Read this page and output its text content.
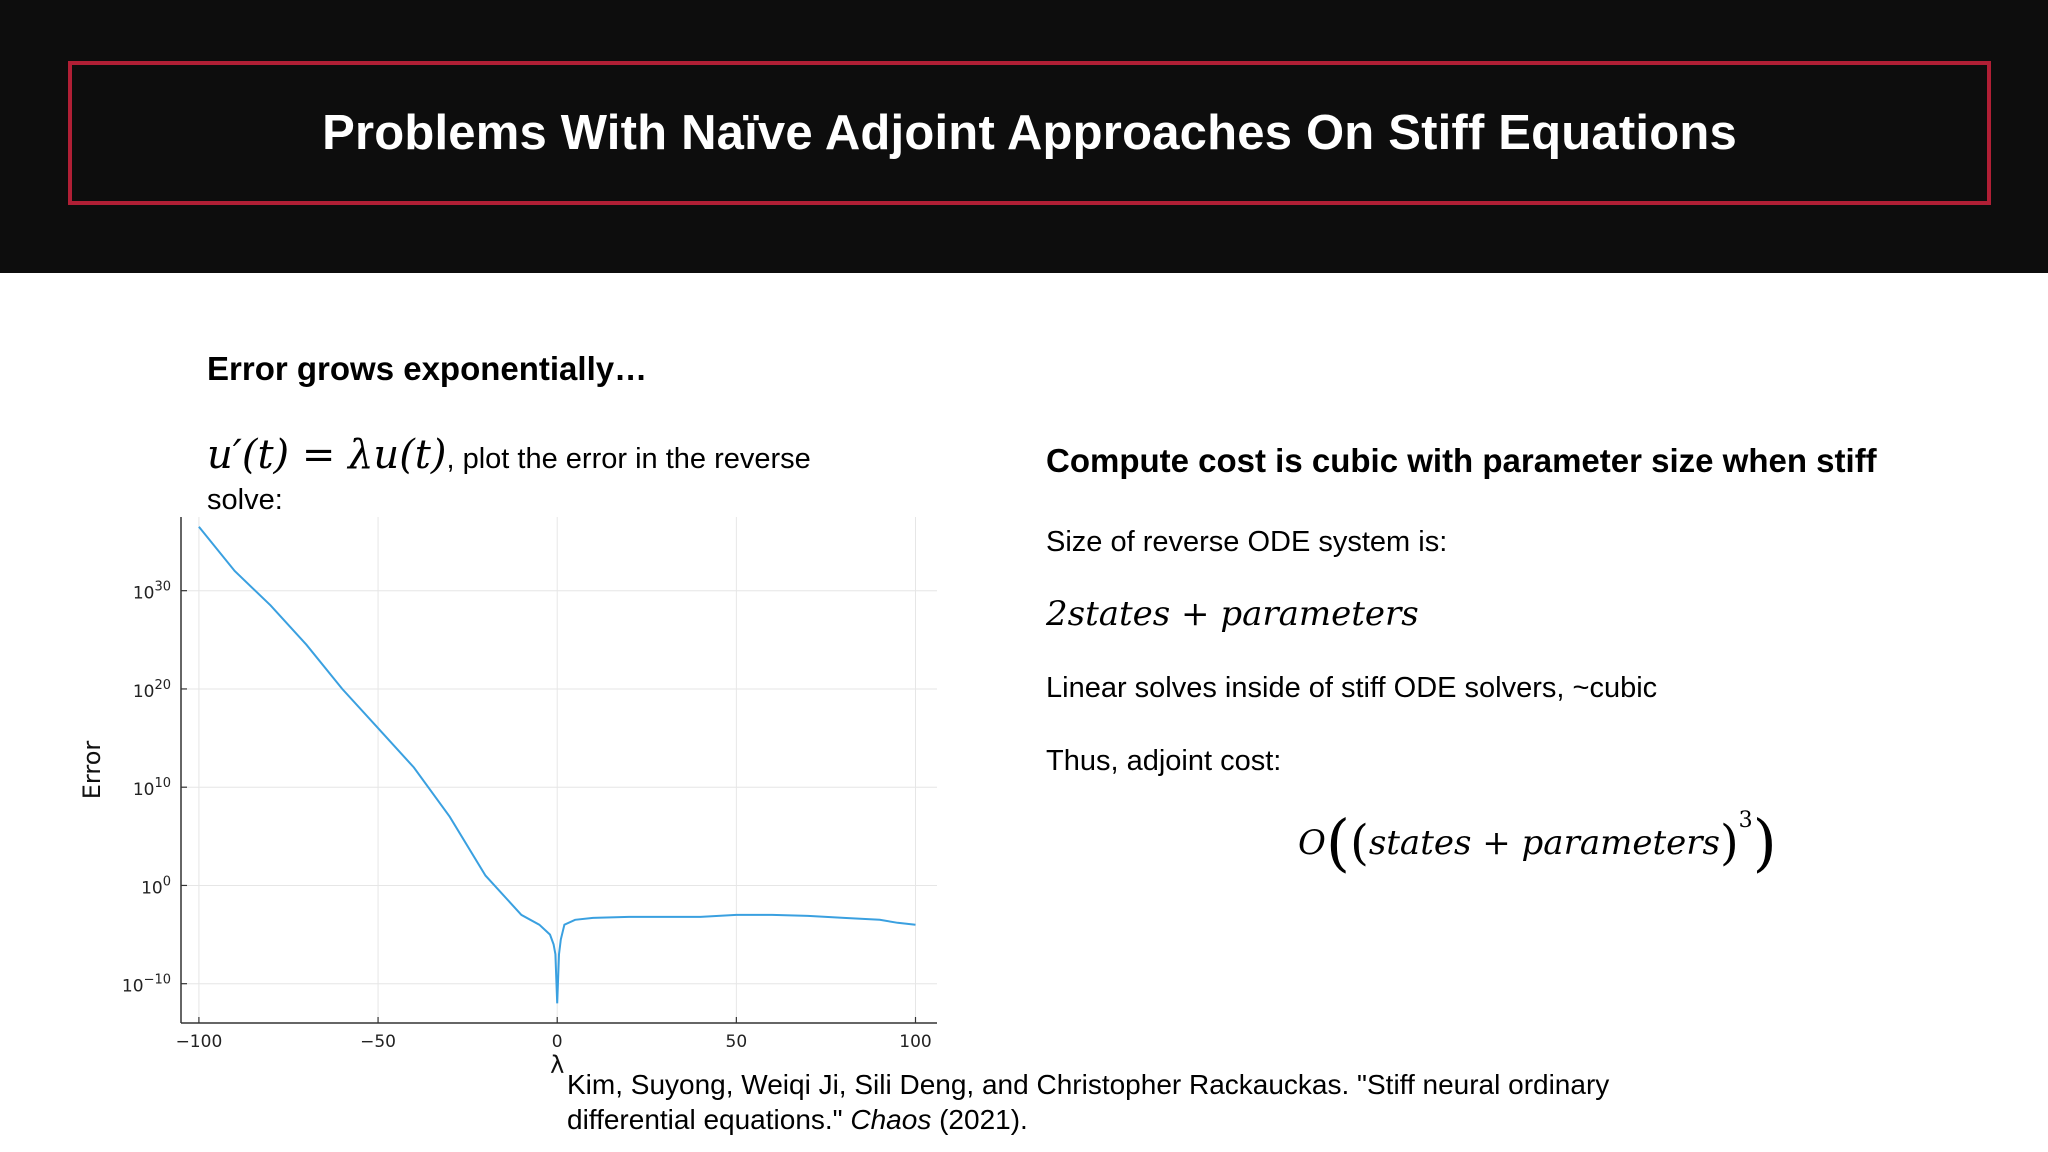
Problems With Naïve Adjoint Approaches On Stiff Equations
Error grows exponentially…
u′(t) = λu(t), plot the error in the reverse solve:
Compute cost is cubic with parameter size when stiff
Size of reverse ODE system is:
2states + parameters
Linear solves inside of stiff ODE solvers, ~cubic
Thus, adjoint cost:
O ( ( states + parameters ) 3 )
Kim, Suyong, Weiqi Ji, Sili Deng, and Christopher Rackauckas. "Stiff neural ordinary differential equations." Chaos (2021).
−100	−50	0	50	100
$10^{30}$
$10^{20}$
$10^{10}$
$10^0$
$10^{-10}$
λ
Error
